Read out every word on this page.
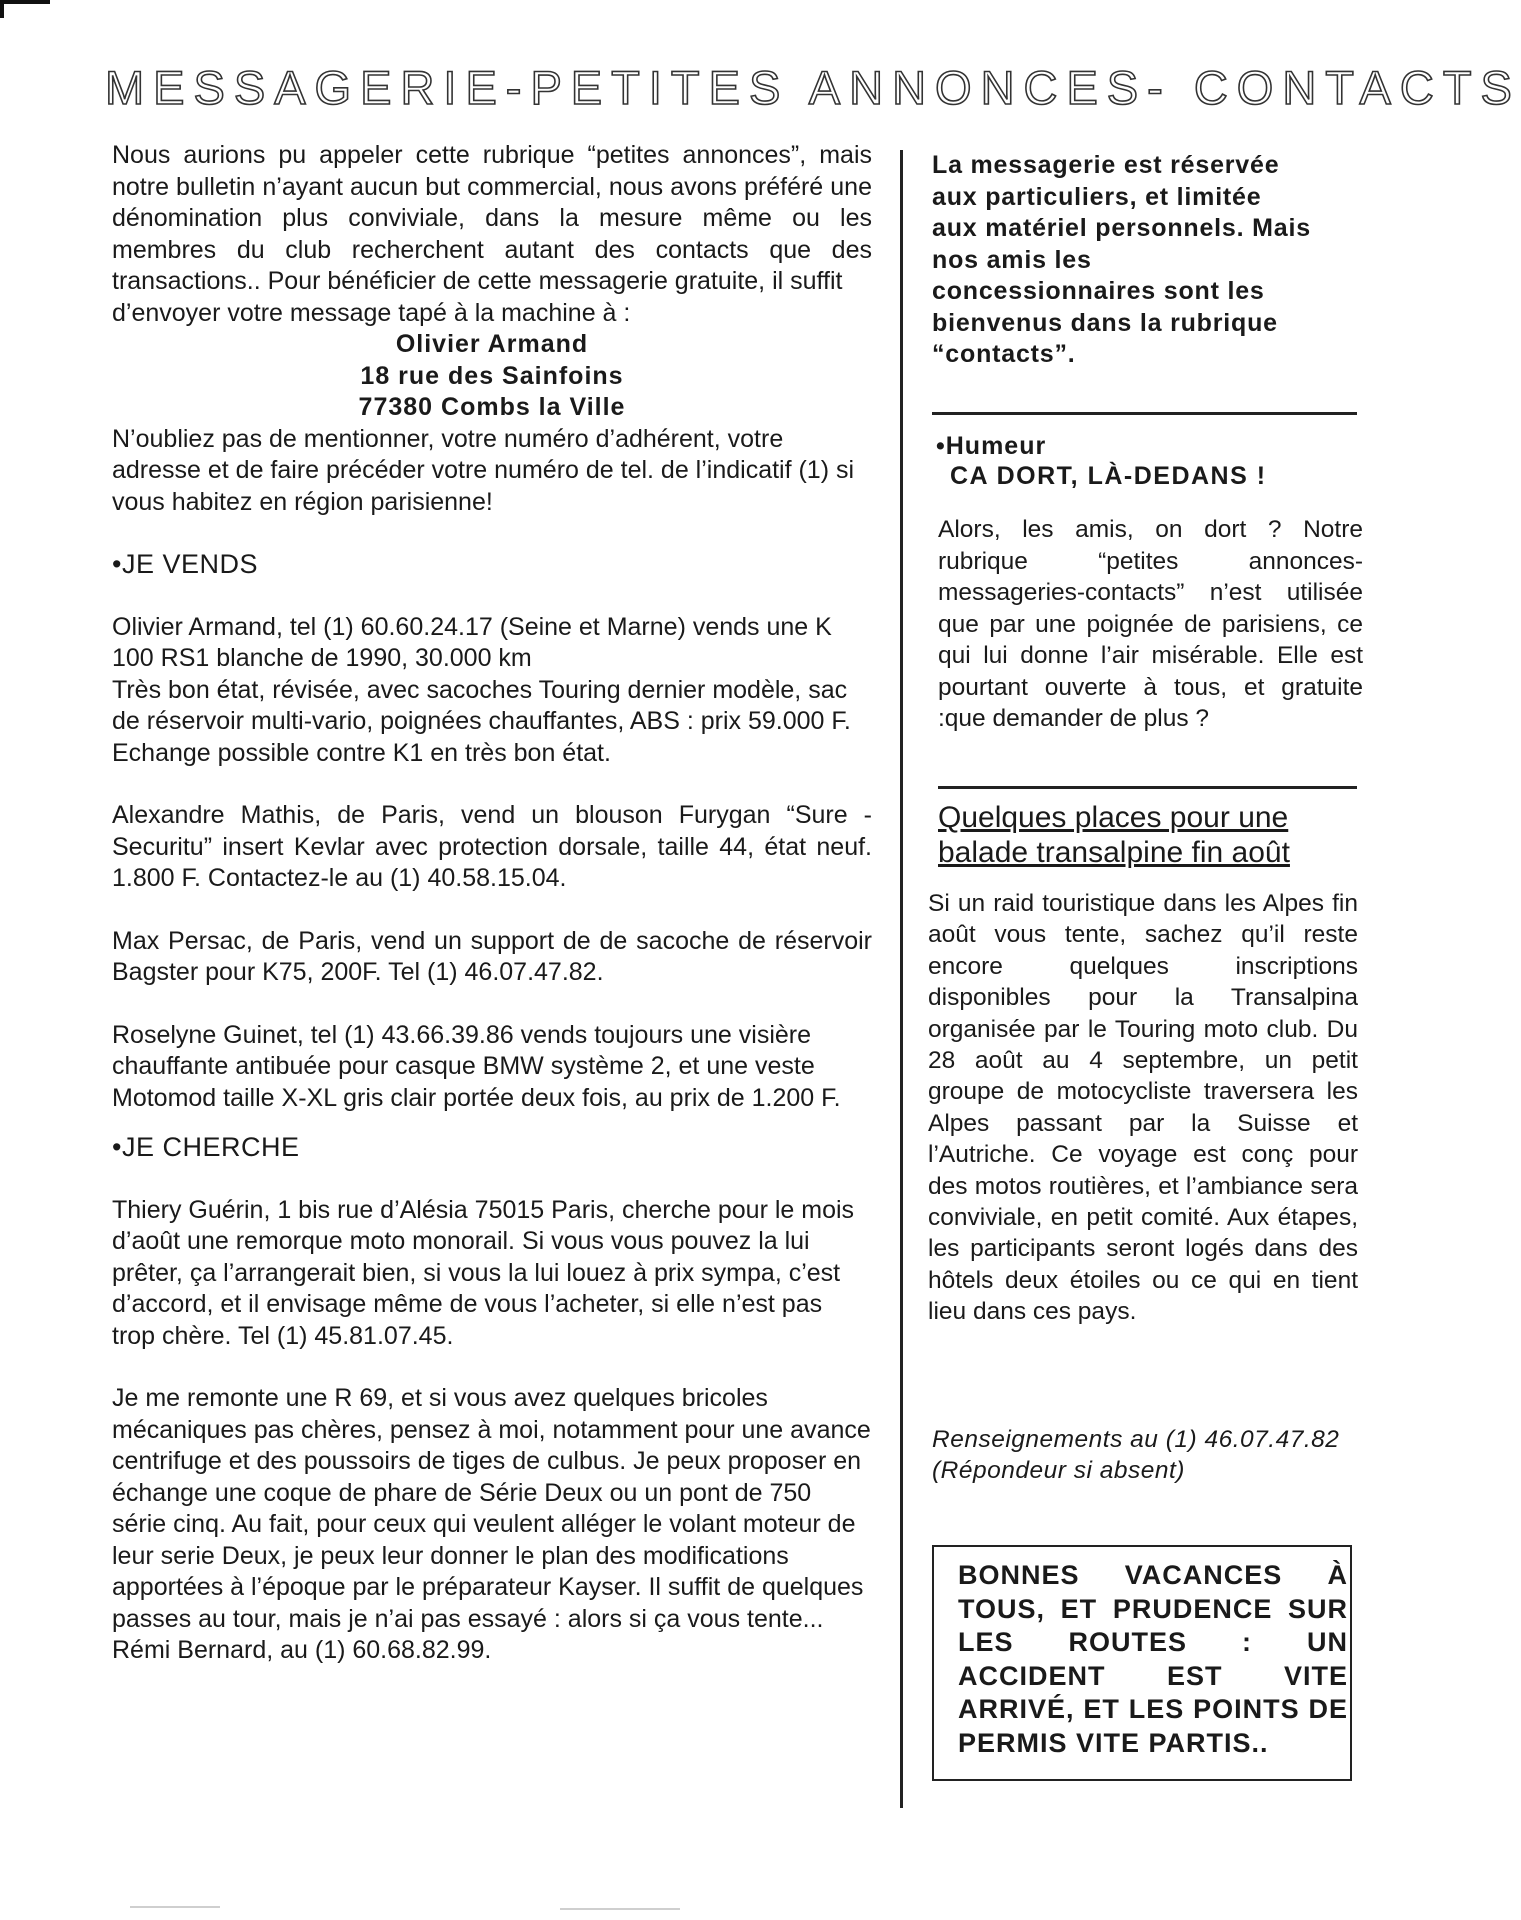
MESSAGERIE-PETITES ANNONCES- CONTACTS

Nous aurions pu appeler cette rubrique “petites annonces”, mais notre bulletin n’ayant aucun but commercial, nous avons préféré une dénomination plus conviviale, dans la mesure même ou les membres du club recherchent autant des contacts que des transactions.. Pour bénéficier de cette messagerie gratuite, il suffit

d’envoyer votre message tapé à la machine à :

Olivier Armand

18 rue des Sainfoins

77380 Combs la Ville

N’oubliez pas de mentionner, votre numéro d’adhérent, votre adresse et de faire précéder votre numéro de tel. de l’indicatif (1) si vous habitez en région parisienne!

•JE VENDS

Olivier Armand, tel (1) 60.60.24.17 (Seine et Marne) vends une K 100 RS1 blanche de 1990, 30.000 km

Très bon état, révisée, avec sacoches Touring dernier modèle, sac de réservoir multi-vario, poignées chauffantes, ABS : prix 59.000 F.

Echange possible contre K1 en très bon état.

Alexandre Mathis, de Paris, vend un blouson Furygan “Sure -Securitu” insert Kevlar avec protection dorsale, taille 44, état neuf. 1.800 F. Contactez-le au (1) 40.58.15.04.

Max Persac, de Paris, vend un support de de sacoche de réservoir Bagster pour K75, 200F. Tel (1) 46.07.47.82.

Roselyne Guinet, tel (1) 43.66.39.86 vends toujours une visière chauffante antibuée pour casque BMW système 2, et une veste Motomod taille X-XL gris clair portée deux fois, au prix de 1.200 F.

•JE CHERCHE

Thiery Guérin, 1 bis rue d’Alésia 75015 Paris, cherche pour le mois d’août une remorque moto monorail. Si vous vous pouvez la lui prêter, ça l’arrangerait bien, si vous la lui louez à prix sympa, c’est d’accord, et il envisage même de vous l’acheter, si elle n’est pas trop chère. Tel (1) 45.81.07.45.

Je me remonte une R 69, et si vous avez quelques bricoles mécaniques pas chères, pensez à moi, notamment pour une avance centrifuge et des poussoirs de tiges de culbus. Je peux proposer en échange une coque de phare de Série Deux ou un pont de 750 série cinq. Au fait, pour ceux qui veulent alléger le volant moteur de leur serie Deux, je peux leur donner le plan des modifications apportées à l’époque par le préparateur Kayser. Il suffit de quelques passes au tour, mais je n’ai pas essayé : alors si ça vous tente...

Rémi Bernard, au (1) 60.68.82.99.

La messagerie est réservée
aux particuliers, et limitée
aux matériel personnels. Mais
nos amis les
concessionnaires sont les
bienvenus dans la rubrique
“contacts”.

•Humeur
CA DORT, LÀ-DEDANS !

Alors, les amis, on dort ? Notre rubrique “petites annonces-messageries-contacts” n’est utilisée que par une poignée de parisiens, ce qui lui donne l’air misérable. Elle est pourtant ouverte à tous, et gratuite :que demander de plus ?

Quelques places pour une
balade transalpine fin août

Si un raid touristique dans les Alpes fin août vous tente, sachez qu’il reste encore quelques inscriptions disponibles pour la Transalpina organisée par le Touring moto club. Du 28 août au 4 septembre, un petit groupe de motocycliste traversera les Alpes passant par la Suisse et l’Autriche. Ce voyage est conç pour des motos routières, et l’ambiance sera conviviale, en petit comité. Aux étapes, les participants seront logés dans des hôtels deux étoiles ou ce qui en tient lieu dans ces pays.

Renseignements au (1) 46.07.47.82 (Répondeur si absent)

BONNES VACANCES À TOUS, ET PRUDENCE SUR LES ROUTES : UN ACCIDENT EST VITE ARRIVÉ, ET LES POINTS DE PERMIS VITE PARTIS..
